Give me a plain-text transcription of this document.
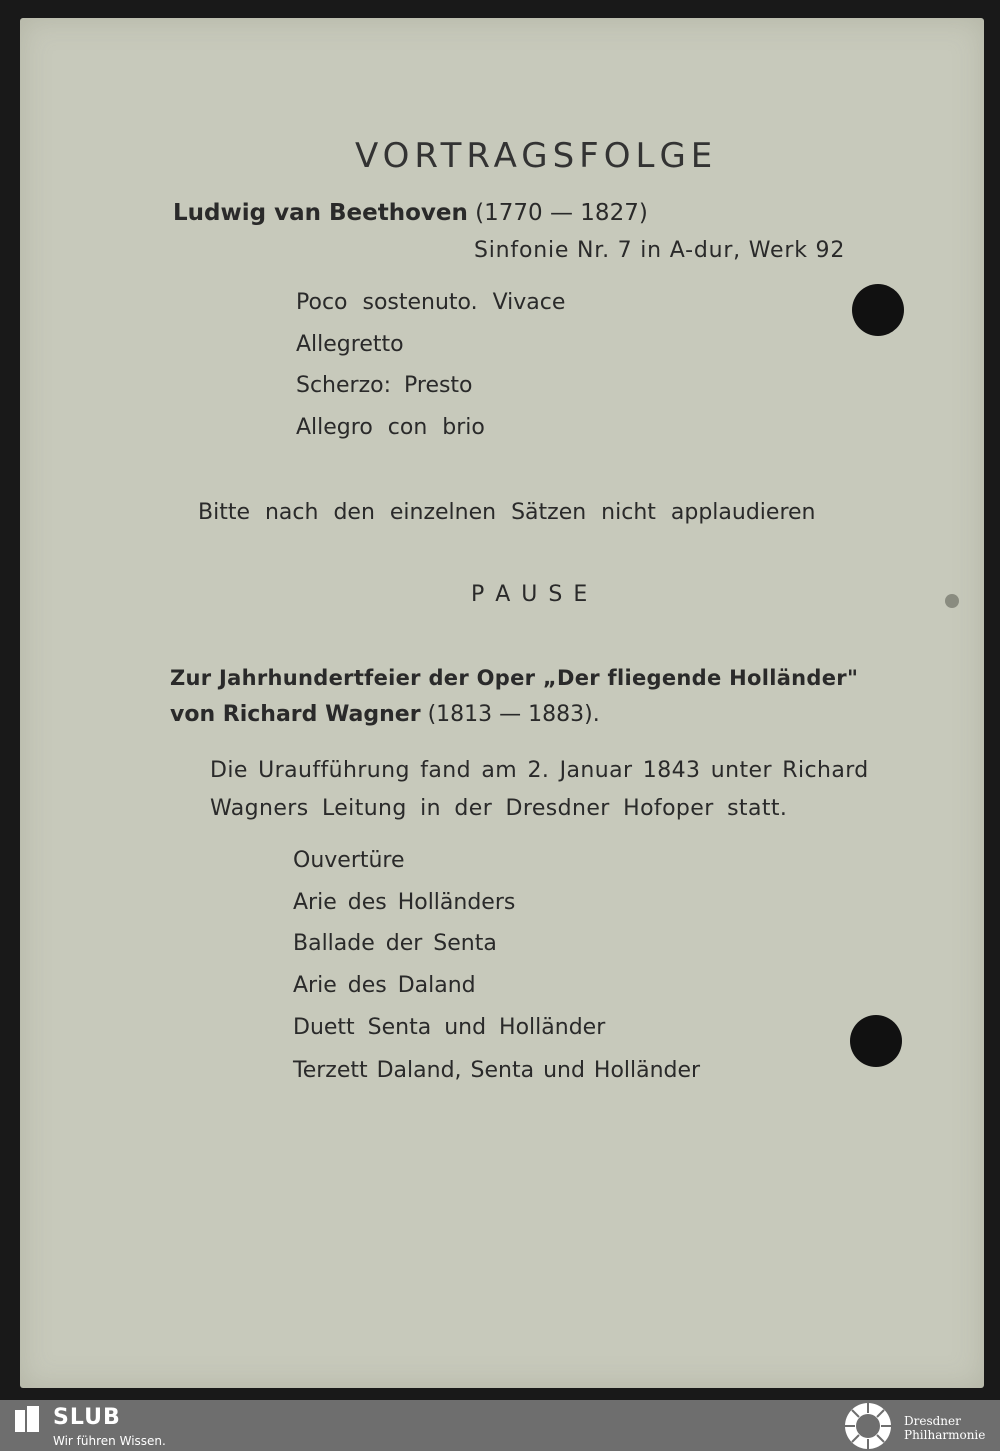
VORTRAGSFOLGE
Ludwig van Beethoven (1770 — 1827)
Sinfonie Nr. 7 in A-dur, Werk 92
Poco sostenuto. Vivace
Allegretto
Scherzo: Presto
Allegro con brio
Bitte nach den einzelnen Sätzen nicht applaudieren
P A U S E
Zur Jahrhundertfeier der Oper „Der fliegende Holländer"
von Richard Wagner (1813 — 1883).
Die Uraufführung fand am 2. Januar 1843 unter Richard
Wagners Leitung in der Dresdner Hofoper statt.
Ouvertüre
Arie des Holländers
Ballade der Senta
Arie des Daland
Duett Senta und Holländer
Terzett Daland, Senta und Holländer
SLUB
Wir führen Wissen.
Dresdner
Philharmonie
